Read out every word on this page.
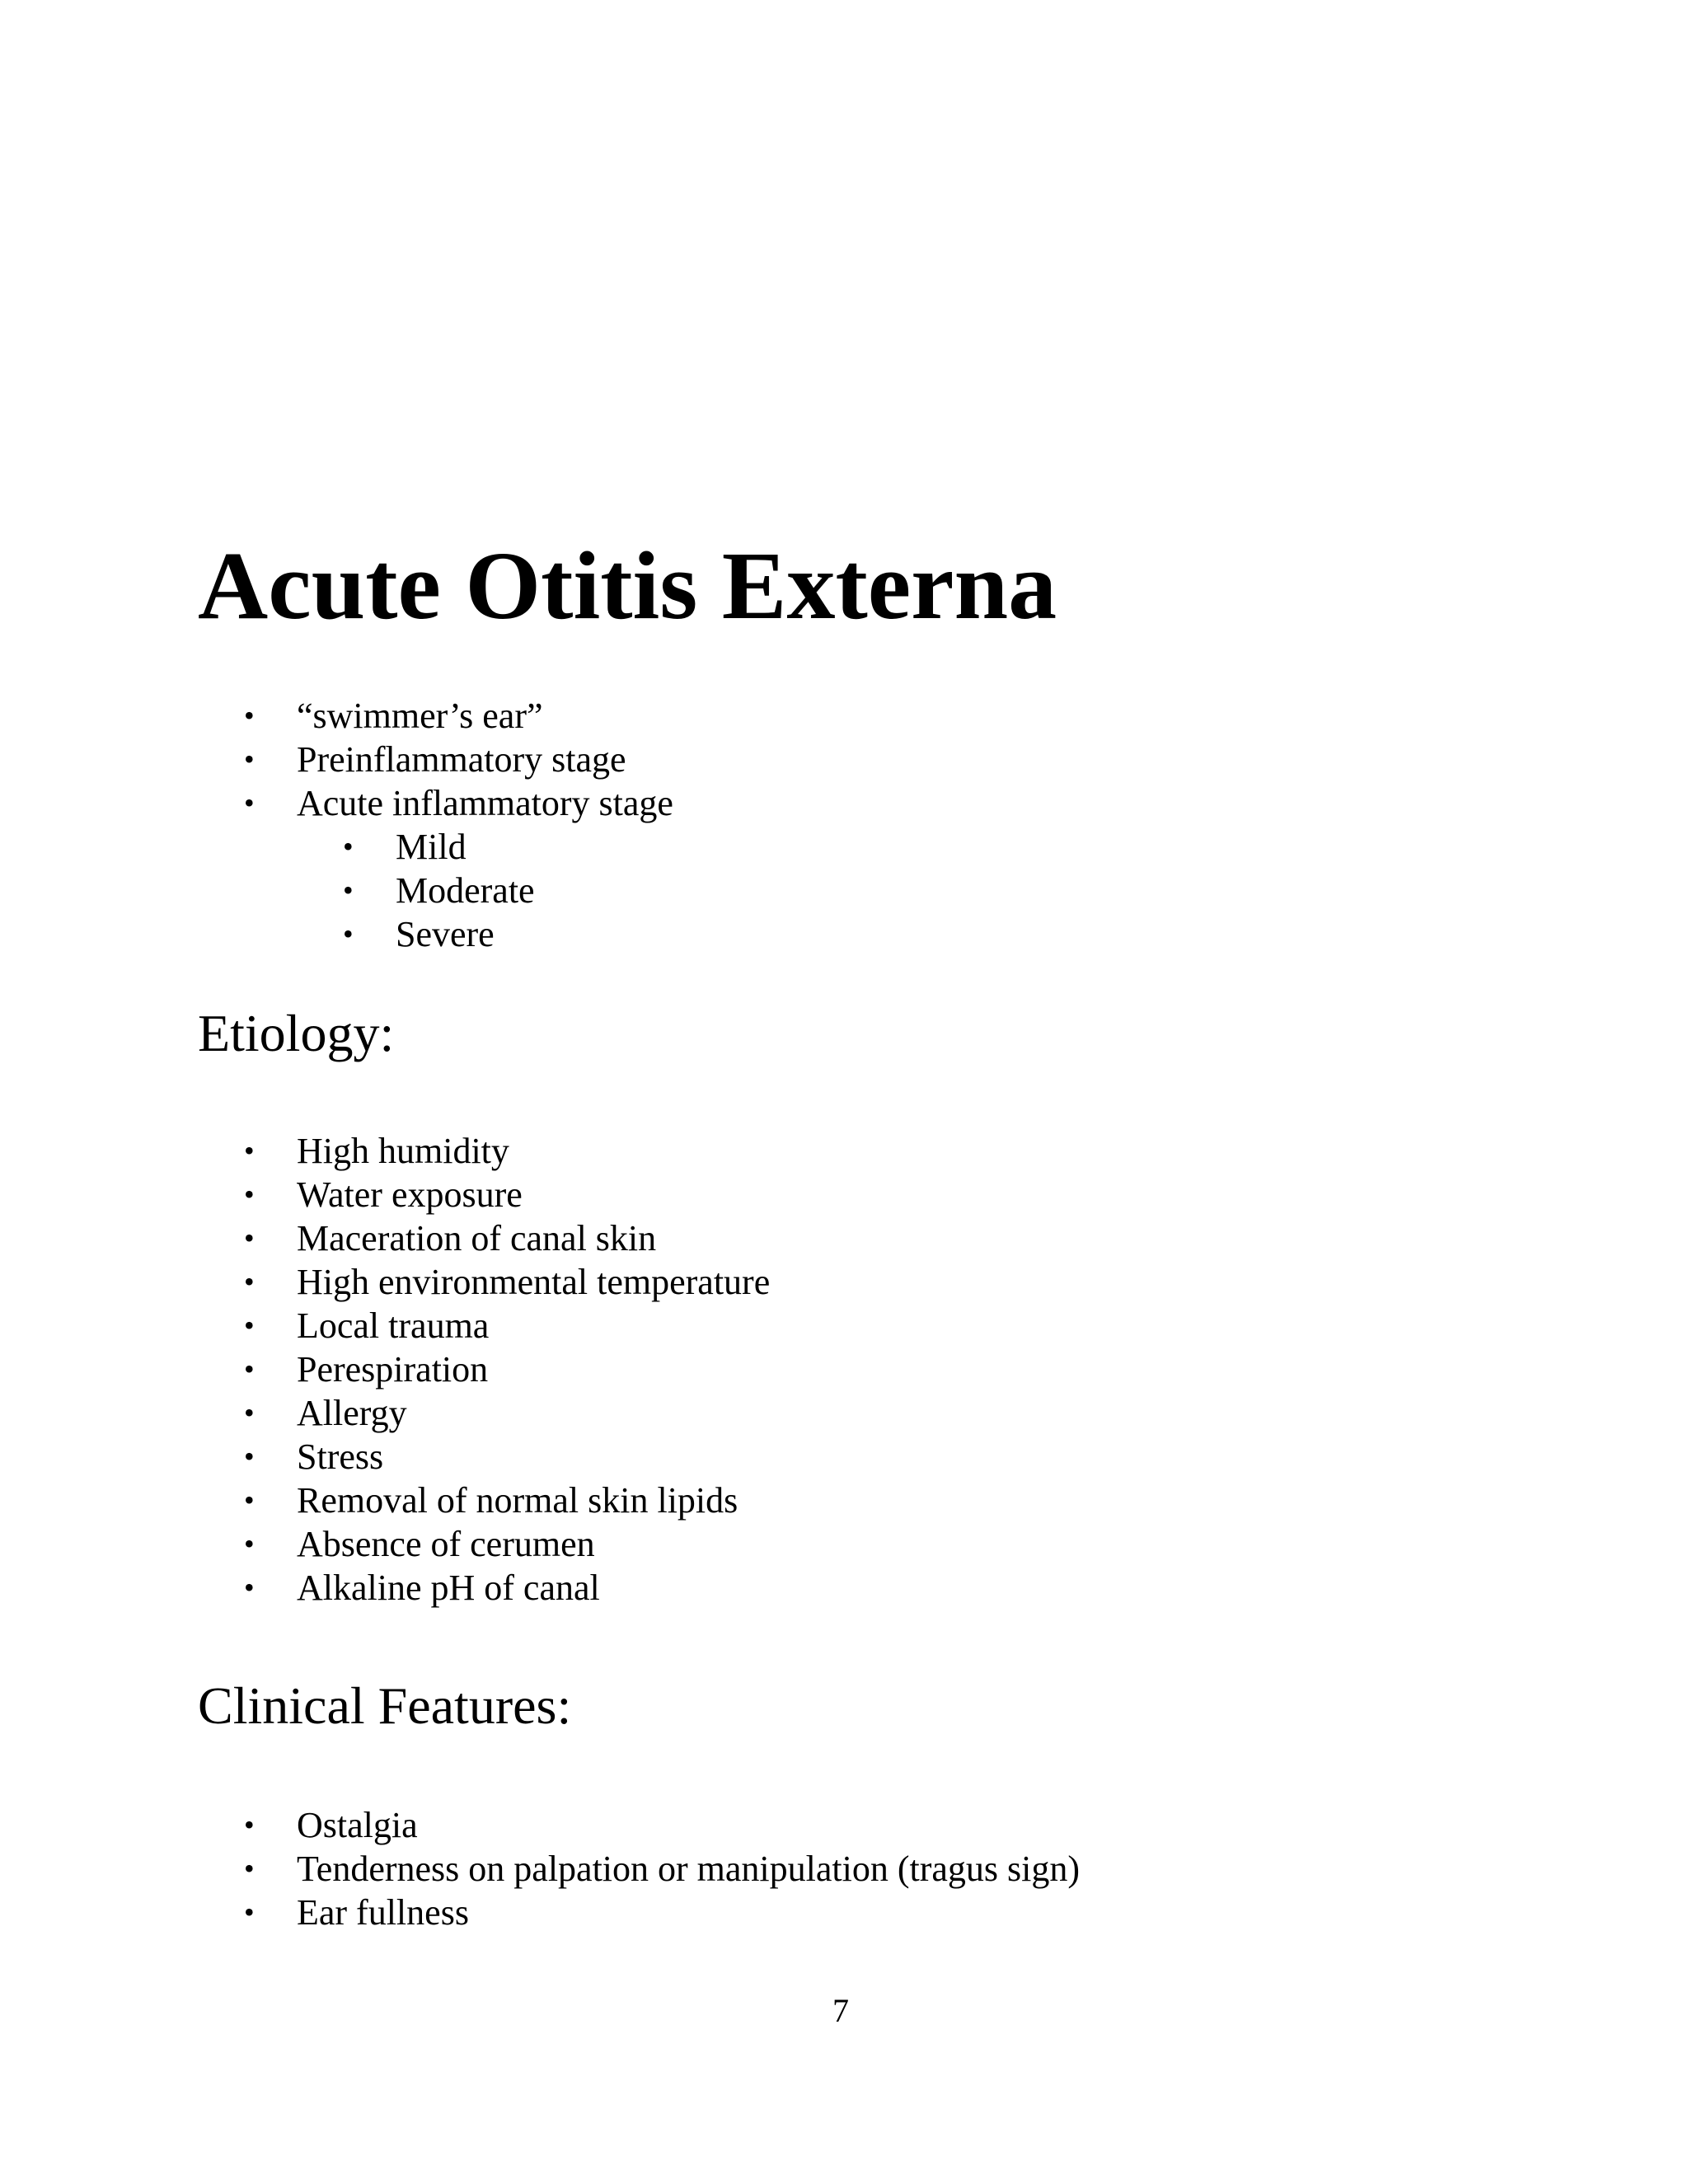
Acute Otitis Externa
• “swimmer’s ear”
• Preinflammatory stage
• Acute inflammatory stage
• Mild
• Moderate
• Severe
Etiology:
• High humidity
• Water exposure
• Maceration of canal skin
• High environmental temperature
• Local trauma
• Perespiration
• Allergy
• Stress
• Removal of normal skin lipids
• Absence of cerumen
• Alkaline pH of canal
Clinical Features:
• Ostalgia
• Tenderness on palpation or manipulation (tragus sign)
• Ear fullness
7
